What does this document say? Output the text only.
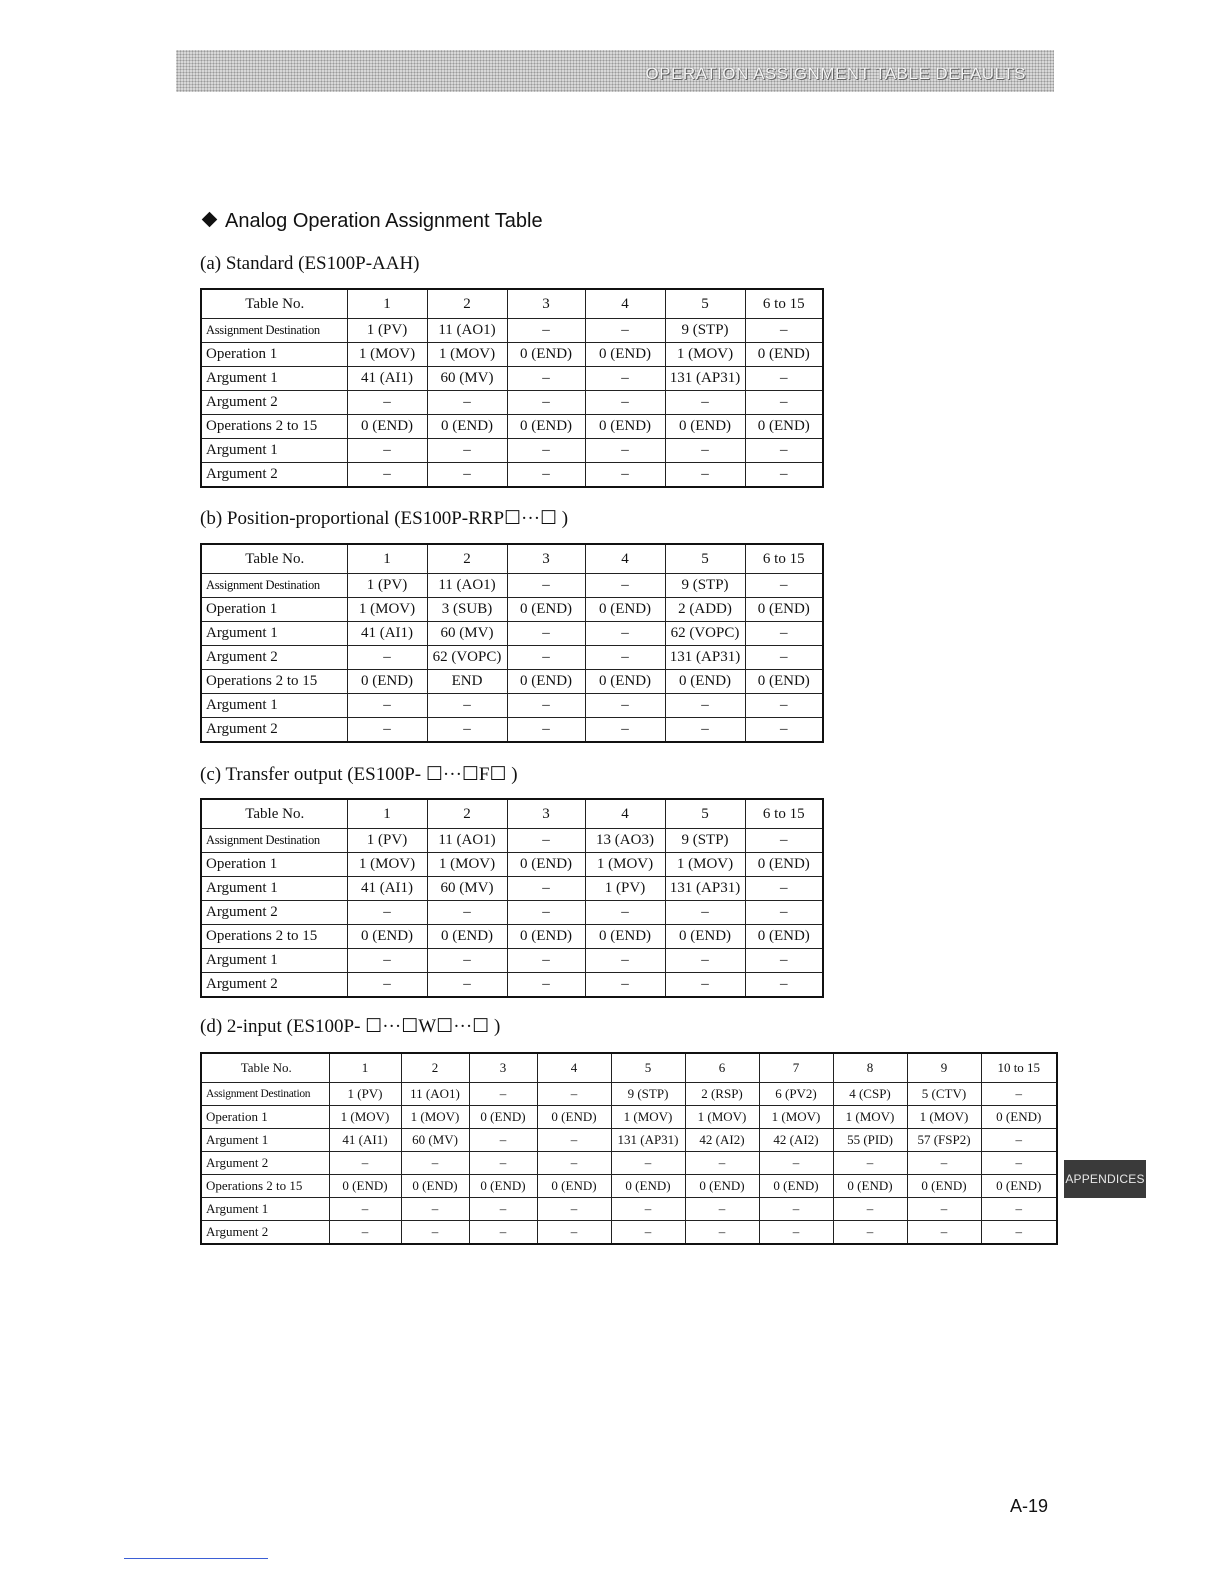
OPERATION ASSIGNMENT TABLE DEFAULTS
Analog Operation Assignment Table
(a) Standard (ES100P-AAH)
Table No.	1	2	3	4	5	6 to 15
Assignment Destination	1 (PV)	11 (AO1)	–	–	9 (STP)	–
Operation 1	1 (MOV)	1 (MOV)	0 (END)	0 (END)	1 (MOV)	0 (END)
Argument 1	41 (AI1)	60 (MV)	–	–	131 (AP31)	–
Argument 2	–	–	–	–	–	–
Operations 2 to 15	0 (END)	0 (END)	0 (END)	0 (END)	0 (END)	0 (END)
Argument 1	–	–	–	–	–	–
Argument 2	–	–	–	–	–	–
(b) Position-proportional (ES100P-RRP☐···☐ )
Table No.	1	2	3	4	5	6 to 15
Assignment Destination	1 (PV)	11 (AO1)	–	–	9 (STP)	–
Operation 1	1 (MOV)	3 (SUB)	0 (END)	0 (END)	2 (ADD)	0 (END)
Argument 1	41 (AI1)	60 (MV)	–	–	62 (VOPC)	–
Argument 2	–	62 (VOPC)	–	–	131 (AP31)	–
Operations 2 to 15	0 (END)	END	0 (END)	0 (END)	0 (END)	0 (END)
Argument 1	–	–	–	–	–	–
Argument 2	–	–	–	–	–	–
(c) Transfer output (ES100P- ☐···☐F☐ )
Table No.	1	2	3	4	5	6 to 15
Assignment Destination	1 (PV)	11 (AO1)	–	13 (AO3)	9 (STP)	–
Operation 1	1 (MOV)	1 (MOV)	0 (END)	1 (MOV)	1 (MOV)	0 (END)
Argument 1	41 (AI1)	60 (MV)	–	1 (PV)	131 (AP31)	–
Argument 2	–	–	–	–	–	–
Operations 2 to 15	0 (END)	0 (END)	0 (END)	0 (END)	0 (END)	0 (END)
Argument 1	–	–	–	–	–	–
Argument 2	–	–	–	–	–	–
(d) 2-input (ES100P- ☐···☐W☐···☐ )
Table No.	1	2	3	4	5	6	7	8	9	10 to 15
Assignment Destination	1 (PV)	11 (AO1)	–	–	9 (STP)	2 (RSP)	6 (PV2)	4 (CSP)	5 (CTV)	–
Operation 1	1 (MOV)	1 (MOV)	0 (END)	0 (END)	1 (MOV)	1 (MOV)	1 (MOV)	1 (MOV)	1 (MOV)	0 (END)
Argument 1	41 (AI1)	60 (MV)	–	–	131 (AP31)	42 (AI2)	42 (AI2)	55 (PID)	57 (FSP2)	–
Argument 2	–	–	–	–	–	–	–	–	–	–
Operations 2 to 15	0 (END)	0 (END)	0 (END)	0 (END)	0 (END)	0 (END)	0 (END)	0 (END)	0 (END)	0 (END)
Argument 1	–	–	–	–	–	–	–	–	–	–
Argument 2	–	–	–	–	–	–	–	–	–	–
APPENDICES
A-19
